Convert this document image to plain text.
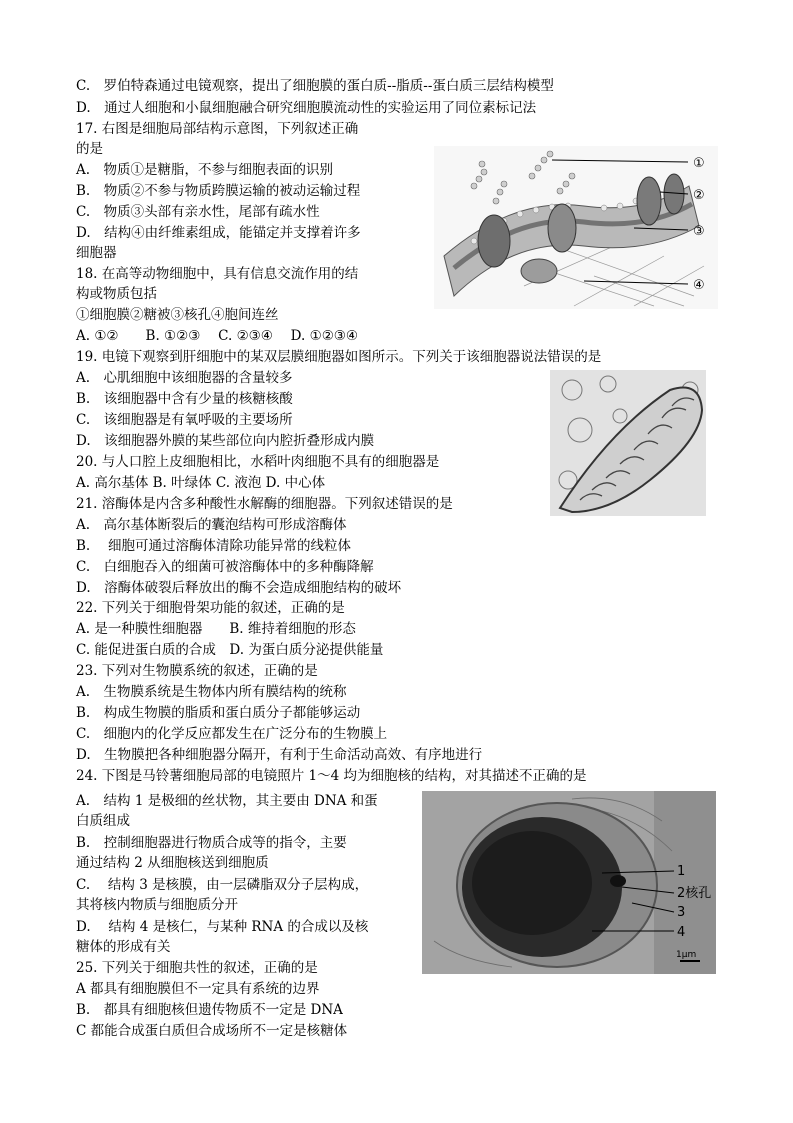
C.　罗伯特森通过电镜观察，提出了细胞膜的蛋白质--脂质--蛋白质三层结构模型
D.　通过人细胞和小鼠细胞融合研究细胞膜流动性的实验运用了同位素标记法
17. 右图是细胞局部结构示意图，下列叙述正确
的是
A.　物质①是糖脂，不参与细胞表面的识别
B.　物质②不参与物质跨膜运输的被动运输过程
C.　物质③头部有亲水性，尾部有疏水性
D.　结构④由纤维素组成，能锚定并支撑着许多
细胞器
①
②
③
④
18. 在高等动物细胞中，具有信息交流作用的结
构或物质包括
①细胞膜②糖被③核孔④胞间连丝
A. ①②　　B. ①②③　 C. ②③④　 D. ①②③④
19. 电镜下观察到肝细胞中的某双层膜细胞器如图所示。下列关于该细胞器说法错误的是
A.　心肌细胞中该细胞器的含量较多
B.　该细胞器中含有少量的核糖核酸
C.　该细胞器是有氧呼吸的主要场所
D.　该细胞器外膜的某些部位向内腔折叠形成内膜
20. 与人口腔上皮细胞相比，水稻叶肉细胞不具有的细胞器是
A. 高尔基体 B. 叶绿体 C. 液泡 D. 中心体
21. 溶酶体是内含多种酸性水解酶的细胞器。下列叙述错误的是
A.　高尔基体断裂后的囊泡结构可形成溶酶体
B.　 细胞可通过溶酶体清除功能异常的线粒体
C.　白细胞吞入的细菌可被溶酶体中的多种酶降解
D.　溶酶体破裂后释放出的酶不会造成细胞结构的破坏
22. 下列关于细胞骨架功能的叙述，正确的是
A. 是一种膜性细胞器　　B. 维持着细胞的形态
C. 能促进蛋白质的合成　D. 为蛋白质分泌提供能量
23. 下列对生物膜系统的叙述，正确的是
A.　生物膜系统是生物体内所有膜结构的统称
B.　构成生物膜的脂质和蛋白质分子都能够运动
C.　细胞内的化学反应都发生在广泛分布的生物膜上
D.　生物膜把各种细胞器分隔开，有利于生命活动高效、有序地进行
24. 下图是马铃薯细胞局部的电镜照片 1～4 均为细胞核的结构，对其描述不正确的是
A.　结构 1 是极细的丝状物，其主要由 DNA 和蛋
白质组成
B.　控制细胞器进行物质合成等的指令，主要
通过结构 2 从细胞核送到细胞质
C.　 结构 3 是核膜，由一层磷脂双分子层构成，
其将核内物质与细胞质分开
D.　 结构 4 是核仁，与某种 RNA 的合成以及核
糖体的形成有关
1
2核孔
3
4
1μm
25. 下列关于细胞共性的叙述，正确的是
A 都具有细胞膜但不一定具有系统的边界
B.　都具有细胞核但遗传物质不一定是 DNA
C 都能合成蛋白质但合成场所不一定是核糖体
